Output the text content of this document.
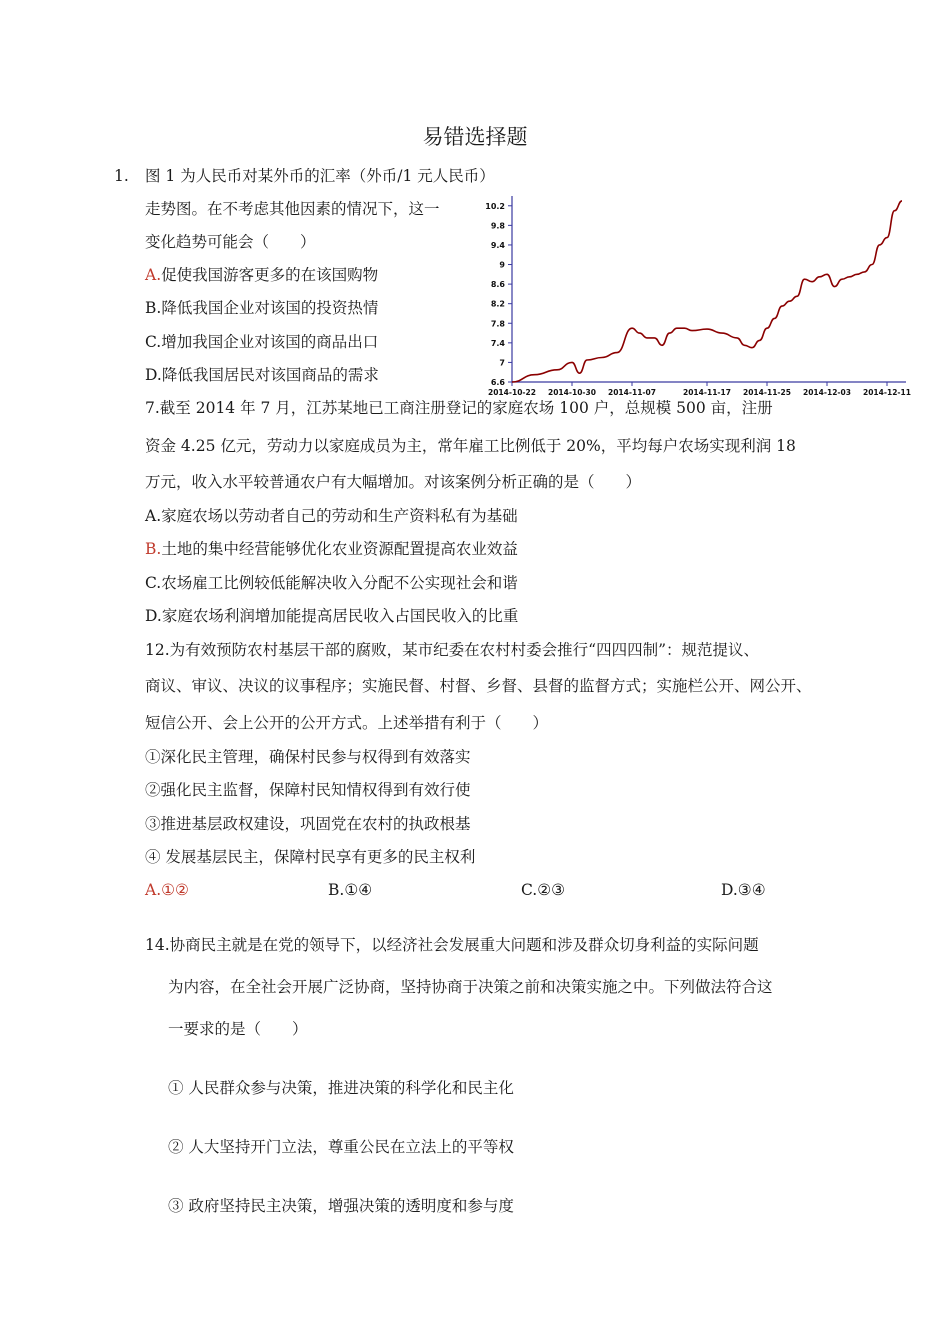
易错选择题
1. 图 1 为人民币对某外币的汇率（外币/1 元人民币）
走势图。在不考虑其他因素的情况下，这一
变化趋势可能会（　　）
A.促使我国游客更多的在该国购物
B.降低我国企业对该国的投资热情
C.增加我国企业对该国的商品出口
D.降低我国居民对该国商品的需求	6.6
7
7.4
7.8
8.2
8.6
9
9.4
9.8
10.2
2014-10-22 2014-10-30 2014-11-07	2014-11-17 2014-11-25 2014-12-03 2014-12-11
7.截至 2014 年 7 月，江苏某地已工商注册登记的家庭农场 100 户，总规模 500 亩，注册
资金 4.25 亿元，劳动力以家庭成员为主，常年雇工比例低于 20%，平均每户农场实现利润 18
万元，收入水平较普通农户有大幅增加。对该案例分析正确的是（　　）
A.家庭农场以劳动者自己的劳动和生产资料私有为基础
B.土地的集中经营能够优化农业资源配置提高农业效益
C.农场雇工比例较低能解决收入分配不公实现社会和谐
D.家庭农场利润增加能提高居民收入占国民收入的比重
12.为有效预防农村基层干部的腐败，某市纪委在农村村委会推行“四四四制”：规范提议、
商议、审议、决议的议事程序；实施民督、村督、乡督、县督的监督方式；实施栏公开、网公开、
短信公开、会上公开的公开方式。上述举措有利于（　　）
①深化民主管理，确保村民参与权得到有效落实
②强化民主监督，保障村民知情权得到有效行使
③推进基层政权建设，巩固党在农村的执政根基
④ 发展基层民主，保障村民享有更多的民主权利
A.①②	B.①④	C.②③	D.③④
14.协商民主就是在党的领导下，以经济社会发展重大问题和涉及群众切身利益的实际问题
为内容，在全社会开展广泛协商，坚持协商于决策之前和决策实施之中。下列做法符合这
一要求的是（　　）
① 人民群众参与决策，推进决策的科学化和民主化
② 人大坚持开门立法，尊重公民在立法上的平等权
③ 政府坚持民主决策，增强决策的透明度和参与度
